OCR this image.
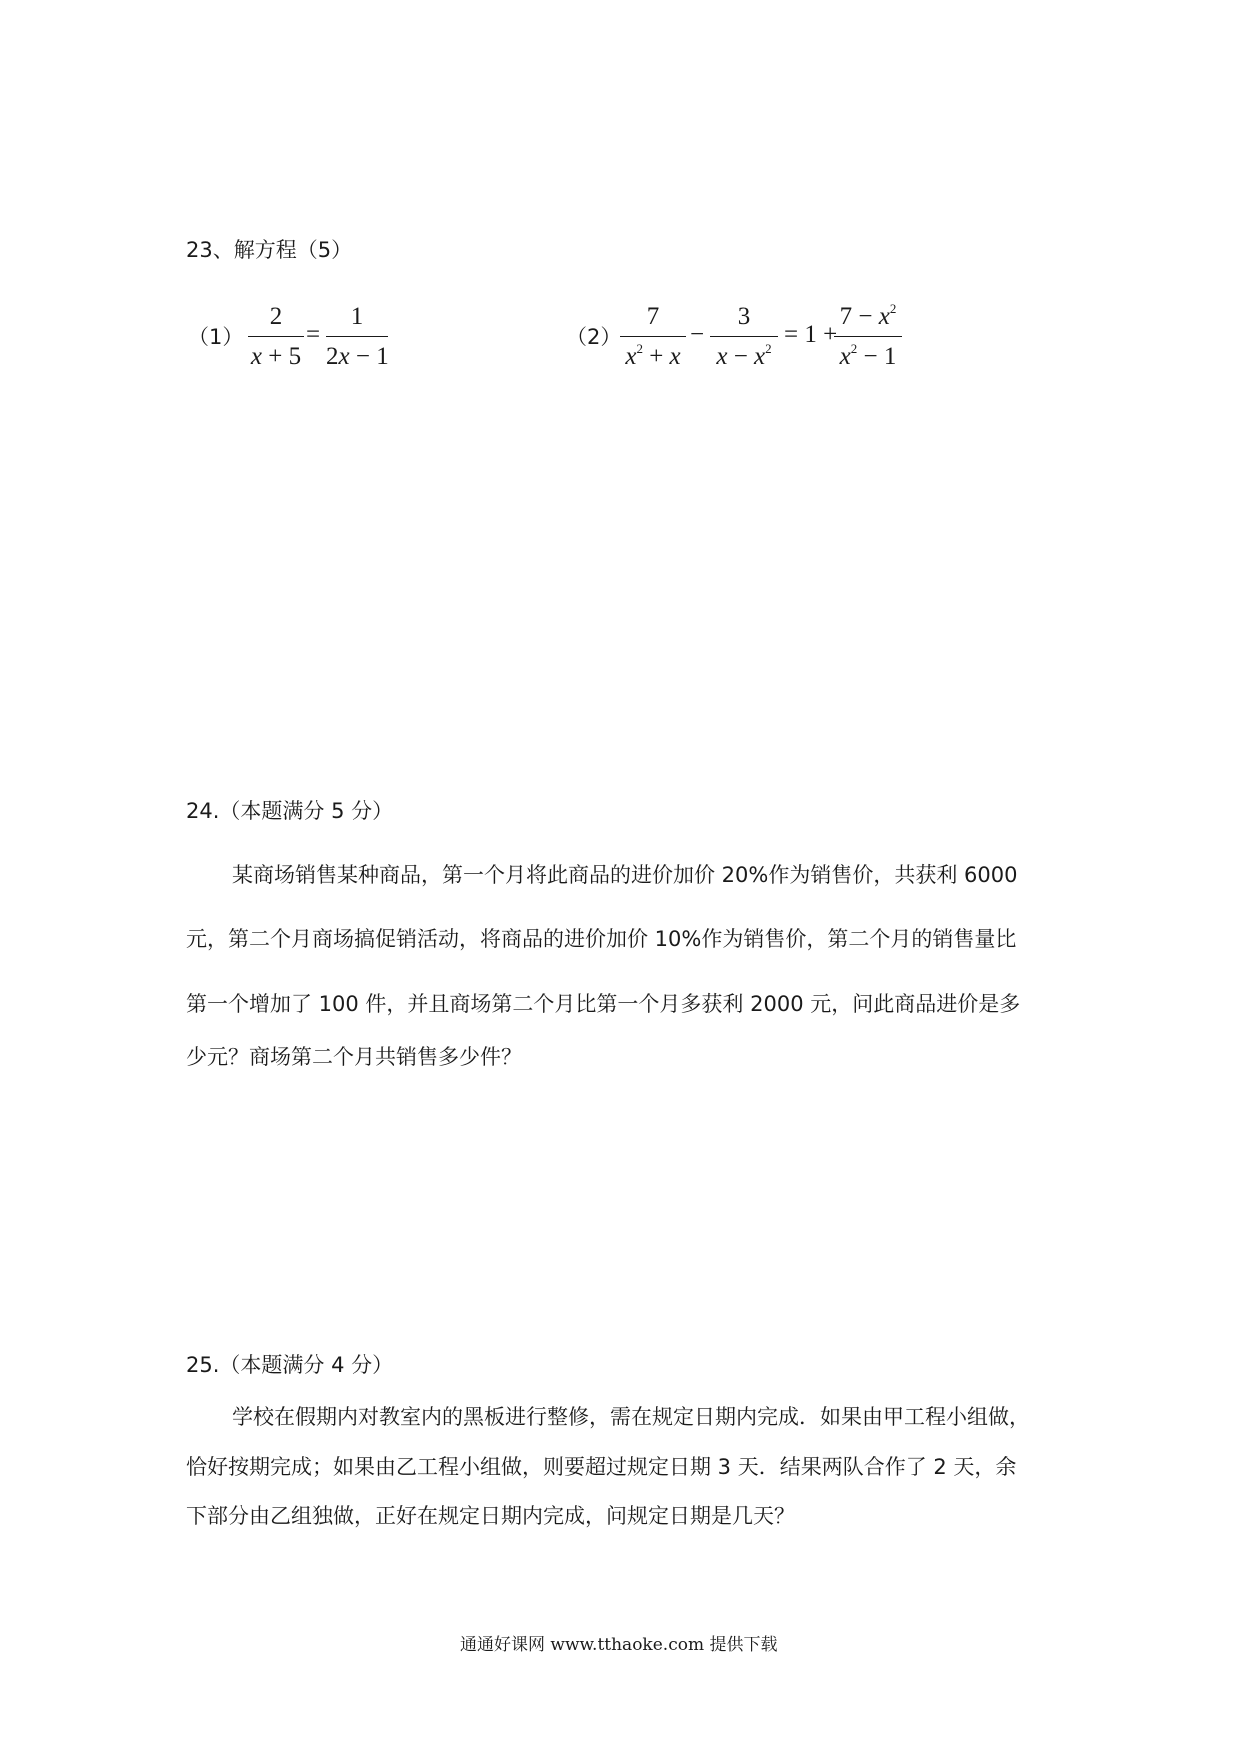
23、解方程（5）
（1）
2
x + 5
=
1
2x − 1
（2）
7
$x^2 + x$
−
3
$x - x^2$
= 1 +
$7 - x^2$
$x^2 - 1$
24.（本题满分 5 分）
某商场销售某种商品，第一个月将此商品的进价加价 20%作为销售价，共获利 6000
元，第二个月商场搞促销活动，将商品的进价加价 10%作为销售价，第二个月的销售量比
第一个增加了 100 件，并且商场第二个月比第一个月多获利 2000 元，问此商品进价是多
少元？商场第二个月共销售多少件？
25.（本题满分 4 分）
学校在假期内对教室内的黑板进行整修，需在规定日期内完成．如果由甲工程小组做，
恰好按期完成；如果由乙工程小组做，则要超过规定日期 3 天．结果两队合作了 2 天，余
下部分由乙组独做，正好在规定日期内完成，问规定日期是几天？
通通好课网 www.tthaoke.com 提供下载
